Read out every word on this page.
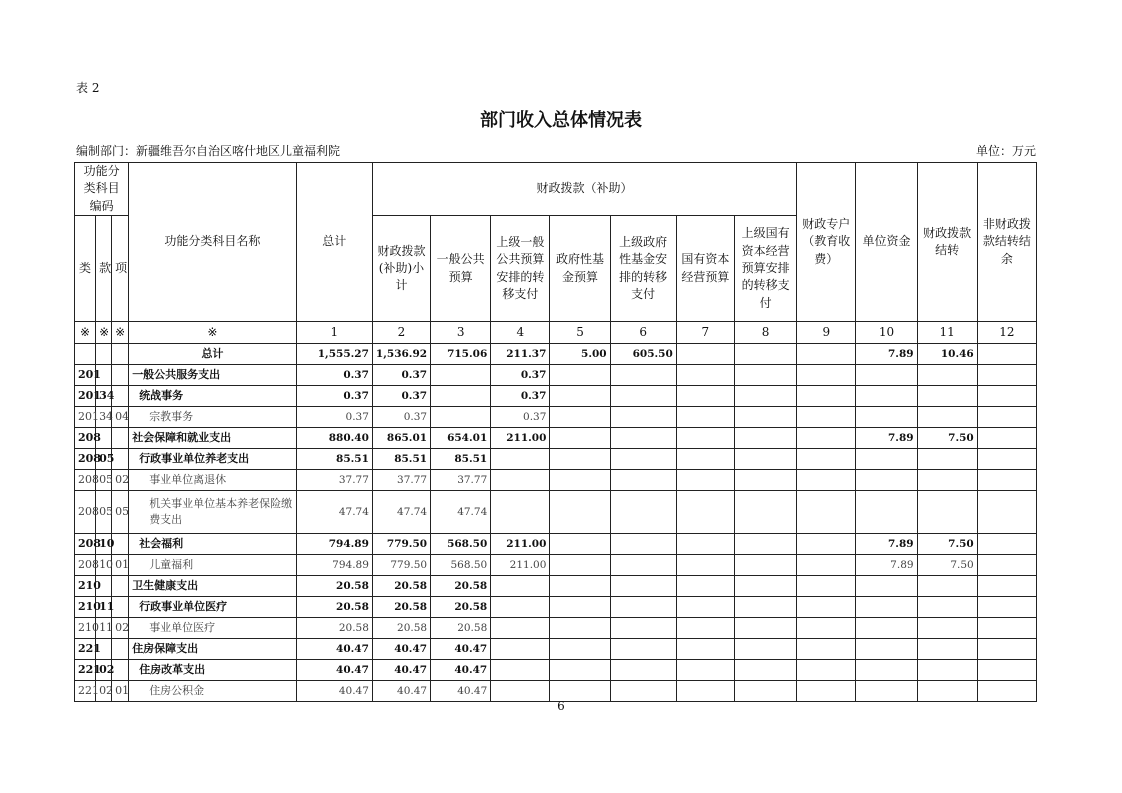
表 2
部门收入总体情况表
编制部门：新疆维吾尔自治区喀什地区儿童福利院	单位：万元
功能分类科目编码			功能分类科目名称	总计	财政拨款（补助）							财政专户（教育收费）	单位资金	财政拨款结转	非财政拨款结转结余
类	款	项			财政拨款(补助)小计	一般公共预算	上级一般公共预算安排的转移支付	政府性基金预算	上级政府性基金安排的转移支付	国有资本经营预算	上级国有资本经营预算安排的转移支付				
※	※	※	※	1	2	3	4	5	6	7	8	9	10	11	12
			总计	1,555.27	1,536.92	715.06	211.37	5.00	605.50				7.89	10.46	
201			一般公共服务支出	0.37	0.37		0.37								
201	34		统战事务	0.37	0.37		0.37								
201	34	04	宗教事务	0.37	0.37		0.37								
208			社会保障和就业支出	880.40	865.01	654.01	211.00						7.89	7.50	
208	05		行政事业单位养老支出	85.51	85.51	85.51									
208	05	02	事业单位离退休	37.77	37.77	37.77									
208	05	05	机关事业单位基本养老保险缴费支出	47.74	47.74	47.74									
208	10		社会福利	794.89	779.50	568.50	211.00						7.89	7.50	
208	10	01	儿童福利	794.89	779.50	568.50	211.00						7.89	7.50	
210			卫生健康支出	20.58	20.58	20.58									
210	11		行政事业单位医疗	20.58	20.58	20.58									
210	11	02	事业单位医疗	20.58	20.58	20.58									
221			住房保障支出	40.47	40.47	40.47									
221	02		住房改革支出	40.47	40.47	40.47									
221	02	01	住房公积金	40.47	40.47	40.47									
6
